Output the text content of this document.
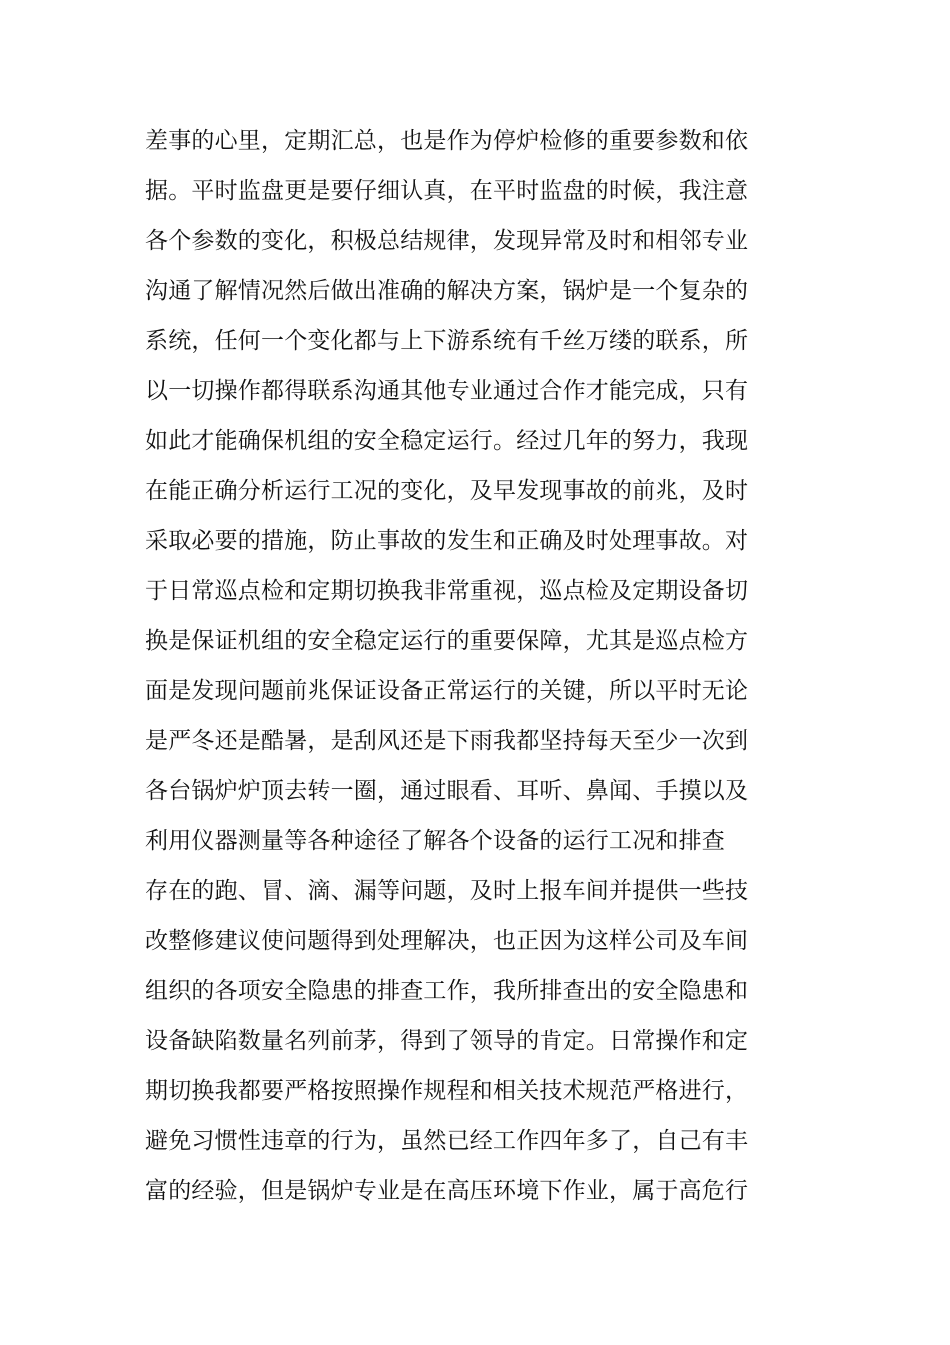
差事的心里，定期汇总，也是作为停炉检修的重要参数和依
据。平时监盘更是要仔细认真，在平时监盘的时候，我注意
各个参数的变化，积极总结规律，发现异常及时和相邻专业
沟通了解情况然后做出准确的解决方案，锅炉是一个复杂的
系统，任何一个变化都与上下游系统有千丝万缕的联系，所
以一切操作都得联系沟通其他专业通过合作才能完成，只有
如此才能确保机组的安全稳定运行。经过几年的努力，我现
在能正确分析运行工况的变化，及早发现事故的前兆，及时
采取必要的措施，防止事故的发生和正确及时处理事故。对
于日常巡点检和定期切换我非常重视，巡点检及定期设备切
换是保证机组的安全稳定运行的重要保障，尤其是巡点检方
面是发现问题前兆保证设备正常运行的关键，所以平时无论
是严冬还是酷暑，是刮风还是下雨我都坚持每天至少一次到
各台锅炉炉顶去转一圈，通过眼看、耳听、鼻闻、手摸以及
利用仪器测量等各种途径了解各个设备的运行工况和排查
存在的跑、冒、滴、漏等问题，及时上报车间并提供一些技
改整修建议使问题得到处理解决，也正因为这样公司及车间
组织的各项安全隐患的排查工作，我所排查出的安全隐患和
设备缺陷数量名列前茅，得到了领导的肯定。日常操作和定
期切换我都要严格按照操作规程和相关技术规范严格进行，
避免习惯性违章的行为，虽然已经工作四年多了，自己有丰
富的经验，但是锅炉专业是在高压环境下作业，属于高危行
